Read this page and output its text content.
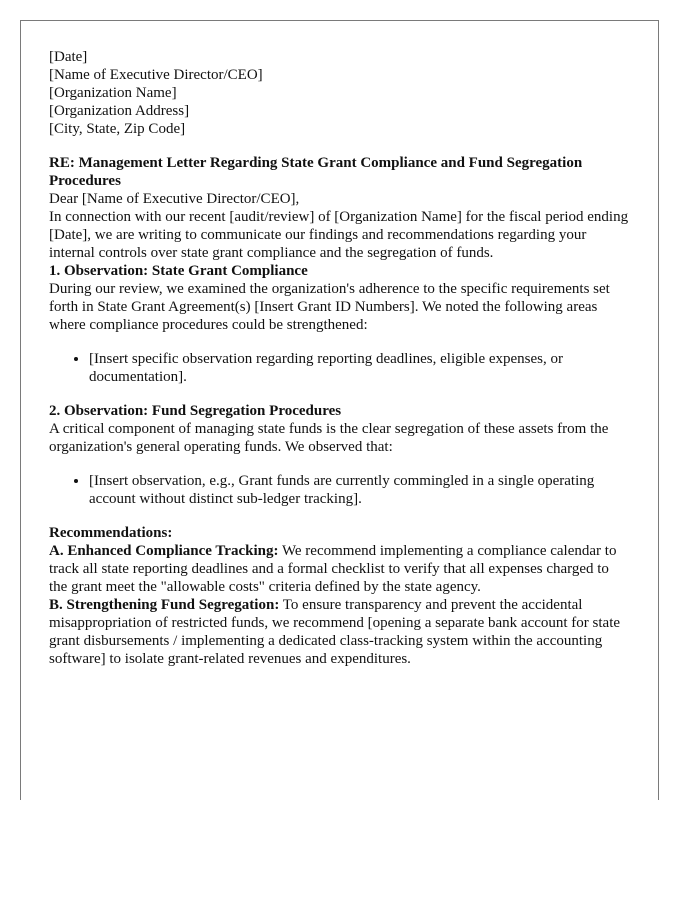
[Date]

[Name of Executive Director/CEO]

[Organization Name]

[Organization Address]

[City, State, Zip Code]

RE: Management Letter Regarding State Grant Compliance and Fund Segregation Procedures

Dear [Name of Executive Director/CEO],

In connection with our recent [audit/review] of [Organization Name] for the fiscal period ending [Date], we are writing to communicate our findings and recommendations regarding your internal controls over state grant compliance and the segregation of funds.

1. Observation: State Grant Compliance

During our review, we examined the organization's adherence to the specific requirements set forth in State Grant Agreement(s) [Insert Grant ID Numbers]. We noted the following areas where compliance procedures could be strengthened:

• [Insert specific observation regarding reporting deadlines, eligible expenses, or documentation].

2. Observation: Fund Segregation Procedures

A critical component of managing state funds is the clear segregation of these assets from the organization's general operating funds. We observed that:

• [Insert observation, e.g., Grant funds are currently commingled in a single operating account without distinct sub-ledger tracking].

Recommendations:

A. Enhanced Compliance Tracking: We recommend implementing a compliance calendar to track all state reporting deadlines and a formal checklist to verify that all expenses charged to the grant meet the "allowable costs" criteria defined by the state agency.

B. Strengthening Fund Segregation: To ensure transparency and prevent the accidental misappropriation of restricted funds, we recommend [opening a separate bank account for state grant disbursements / implementing a dedicated class-tracking system within the accounting software] to isolate grant-related revenues and expenditures.
